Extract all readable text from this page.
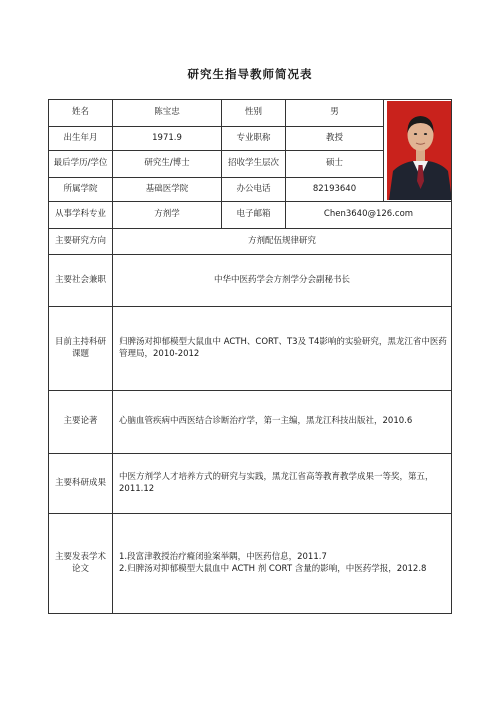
研究生指导教师简况表
姓名	陈宝忠	性别	男	

出生年月	1971.9	专业职称	教授	
最后学历/学位	研究生/博士	招收学生层次	硕士	
所属学院	基础医学院	办公电话	82193640	
从事学科专业	方剂学	电子邮箱	Chen3640@126.com	
主要研究方向	方剂配伍规律研究			
主要社会兼职	中华中医药学会方剂学分会副秘书长			
目前主持科研课题	归脾汤对抑郁模型大鼠血中 ACTH、CORT、T3及 T4影响的实验研究，黑龙江省中医药管理局，2010-2012			
主要论著	心脑血管疾病中西医结合诊断治疗学，第一主编，黑龙江科技出版社，2010.6			
主要科研成果	中医方剂学人才培养方式的研究与实践，黑龙江省高等教育教学成果一等奖，第五，2011.12			
主要发表学术论文	1.段富津教授治疗癃闭验案举隅，中医药信息，2011.7
2.归脾汤对抑郁模型大鼠血中 ACTH 剂 CORT 含量的影响，中医药学报，2012.8			
